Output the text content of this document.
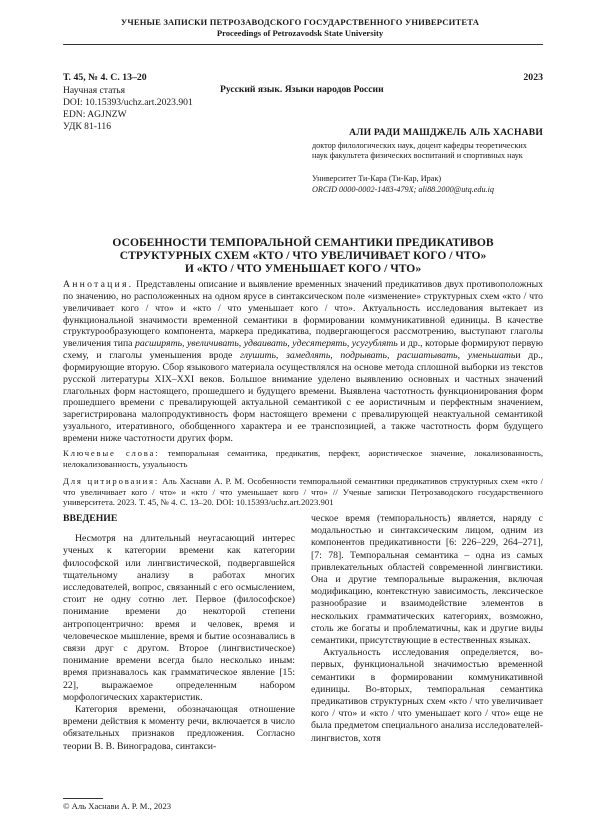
УЧЕНЫЕ ЗАПИСКИ ПЕТРОЗАВОДСКОГО ГОСУДАРСТВЕННОГО УНИВЕРСИТЕТА
Proceedings of Petrozavodsk State University
Т. 45, № 4. С. 13–20	2023
Научная статья	Русский язык. Языки народов России
DOI: 10.15393/uchz.art.2023.901
EDN: AGJNZW
УДК 81-116
АЛИ РАДИ МАШДЖЕЛЬ АЛЬ ХАСНАВИ
доктор филологических наук, доцент кафедры теоретических наук факультета физических воспитаний и спортивных наук
Университет Ти-Кара (Ти-Кар, Ирак)
ORCID 0000-0002-1483-479X; ali88.2000@utq.edu.iq
ОСОБЕННОСТИ ТЕМПОРАЛЬНОЙ СЕМАНТИКИ ПРЕДИКАТИВОВ
СТРУКТУРНЫХ СХЕМ «КТО / ЧТО УВЕЛИЧИВАЕТ КОГО / ЧТО»
И «КТО / ЧТО УМЕНЬШАЕТ КОГО / ЧТО»
Аннотация. Представлены описание и выявление временных значений предикативов двух противоположных по значению, но расположенных на одном ярусе в синтаксическом поле «изменение» структурных схем «кто / что увеличивает кого / что» и «кто / что уменьшает кого / что». Актуальность исследования вытекает из функциональной значимости временной семантики в формировании коммуникативной единицы. В качестве структурообразующего компонента, маркера предикатива, подвергающегося рассмотрению, выступают глаголы увеличения типа расширять, увеличивать, удваивать, удесятерять, усугублять и др., которые формируют первую схему, и глаголы уменьшения вроде глушить, замедлять, подрывать, расшатывать, уменьшатьи др., формирующие вторую. Сбор языкового материала осуществлялся на основе метода сплошной выборки из текстов русской литературы XIX–XXI веков. Большое внимание уделено выявлению основных и частных значений глагольных форм настоящего, прошедшего и будущего времени. Выявлена частотность функционирования форм прошедшего времени с превалирующей актуальной семантикой с ее аористичным и перфектным значением, зарегистрирована малопродуктивность форм настоящего времени с превалирующей неактуальной семантикой узуального, итеративного, обобщенного характера и ее транспозицией, а также частотность форм будущего времени ниже частотности других форм.
Ключевые слова: темпоральная семантика, предикатив, перфект, аористическое значение, локализованность, нелокализованность, узуальность
Для цитирования: Аль Хаснави А. Р. М. Особенности темпоральной семантики предикативов структурных схем «кто / что увеличивает кого / что» и «кто / что уменьшает кого / что» // Ученые записки Петрозаводского государственного университета. 2023. Т. 45, № 4. С. 13–20. DOI: 10.15393/uchz.art.2023.901

ВВЕДЕНИЕ

Несмотря на длительный неугасающий интерес ученых к категории времени как категории философской или лингвистической, подвергавшейся тщательному анализу в работах многих исследователей, вопрос, связанный с его осмыслением, стоит не одну сотню лет. Первое (философское) понимание времени до некоторой степени антропоцентрично: время и человек, время и человеческое мышление, время и бытие осознавались в связи друг с другом. Второе (лингвистическое) понимание времени всегда было несколько иным: время признавалось как грамматическое явление [15: 22], выражаемое определенным набором морфологических характеристик.

Категория времени, обозначающая отношение времени действия к моменту речи, включается в число обязательных признаков предложения. Согласно теории В. В. Виноградова, синтакси-

ческое время (темпоральность) является, наряду с модальностью и синтаксическим лицом, одним из компонентов предикативности [6: 226–229, 264–271], [7: 78]. Темпоральная семантика – одна из самых привлекательных областей современной лингвистики. Она и другие темпоральные выражения, включая модификацию, контекстную зависимость, лексическое разнообразие и взаимодействие элементов в нескольких грамматических категориях, возможно, столь же богаты и проблематичны, как и другие виды семантики, присутствующие в естественных языках.

Актуальность исследования определяется, во-первых, функциональной значимостью временной семантики в формировании коммуникативной единицы. Во-вторых, темпоральная семантика предикативов структурных схем «кто / что увеличивает кого / что» и «кто / что уменьшает кого / что» еще не была предметом специального анализа исследователей-лингвистов, хотя

© Аль Хаснави А. Р. М., 2023
